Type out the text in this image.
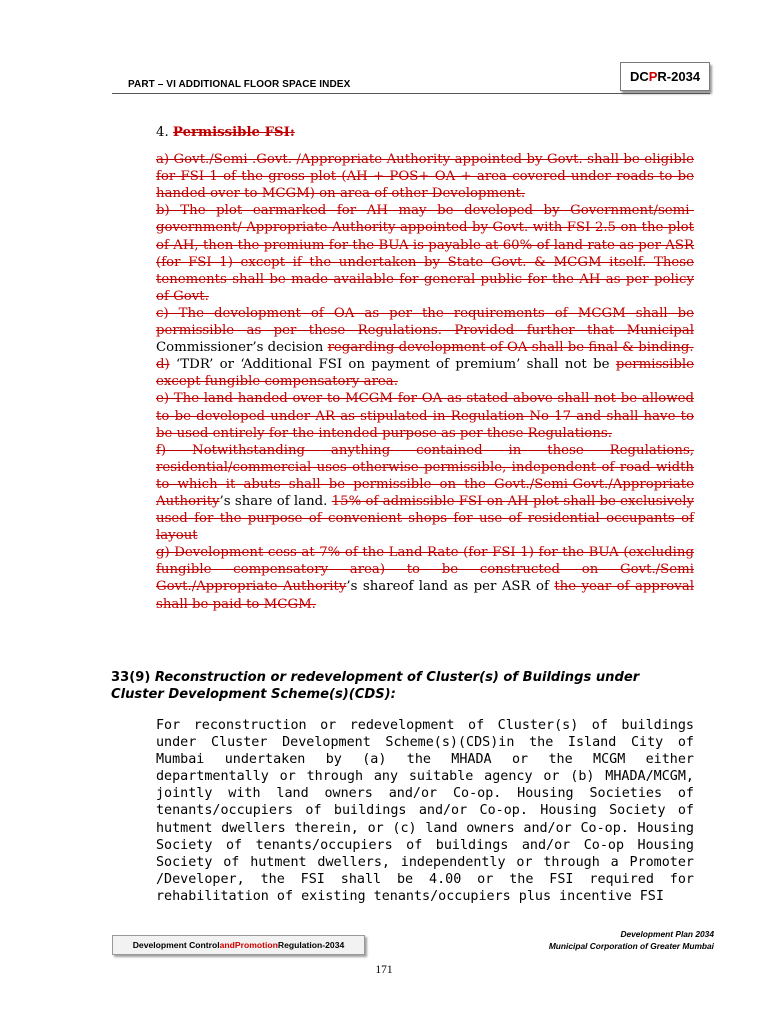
DC P R-2034
PART – VI ADDITIONAL FLOOR SPACE INDEX

4. Permissible FSI:

a) Govt./Semi .Govt. /Appropriate Authority appointed by Govt. shall be eligible for FSI 1 of the gross plot (AH + POS+ OA + area covered under roads to be handed over to MCGM) on area of other Development.

b) The plot earmarked for AH may be developed by Government/semi-government/ Appropriate Authority appointed by Govt. with FSI 2.5 on the plot of AH, then the premium for the BUA is payable at 60% of land rate as per ASR (for FSI 1) except if the undertaken by State Govt. & MCGM itself. These tenements shall be made available for general public for the AH as per policy of Govt.

c) The development of OA as per the requirements of MCGM shall be permissible as per these Regulations. Provided further that Municipal Commissioner’s decision regarding development of OA shall be final & binding.

d) ‘TDR’ or ‘Additional FSI on payment of premium’ shall not be permissible except fungible compensatory area.

e) The land handed over to MCGM for OA as stated above shall not be allowed to be developed under AR as stipulated in Regulation No 17 and shall have to be used entirely for the intended purpose as per these Regulations.

f) Notwithstanding anything contained in these Regulations, residential/commercial uses otherwise permissible, independent of road width to which it abuts shall be permissible on the Govt./Semi-Govt./Appropriate Authority’s share of land. 15% of admissible FSI on AH plot shall be exclusively used for the purpose of convenient shops for use of residential occupants of layout

g) Development cess at 7% of the Land Rate (for FSI 1) for the BUA (excluding fungible compensatory area) to be constructed on Govt./Semi Govt./Appropriate Authority’s shareof land as per ASR of the year of approval shall be paid to MCGM.

33(9) Reconstruction or redevelopment of Cluster(s) of Buildings under Cluster Development Scheme(s)(CDS):
For reconstruction or redevelopment of Cluster(s) of buildings under Cluster Development Scheme(s)(CDS)in the Island City of Mumbai undertaken by (a) the MHADA or the MCGM either departmentally or through any suitable agency or (b) MHADA/MCGM, jointly with land owners and/or Co-op. Housing Societies of tenants/occupiers of buildings and/or Co-op. Housing Society of hutment dwellers therein, or (c) land owners and/or Co-op. Housing Society of tenants/occupiers of buildings and/or Co-op Housing Society of hutment dwellers, independently or through a Promoter /Developer, the FSI shall be 4.00 or the FSI required for rehabilitation of existing tenants/occupiers plus incentive FSI
Development Control andPromotion Regulation-2034
Development Plan 2034
Municipal Corporation of Greater Mumbai
171
